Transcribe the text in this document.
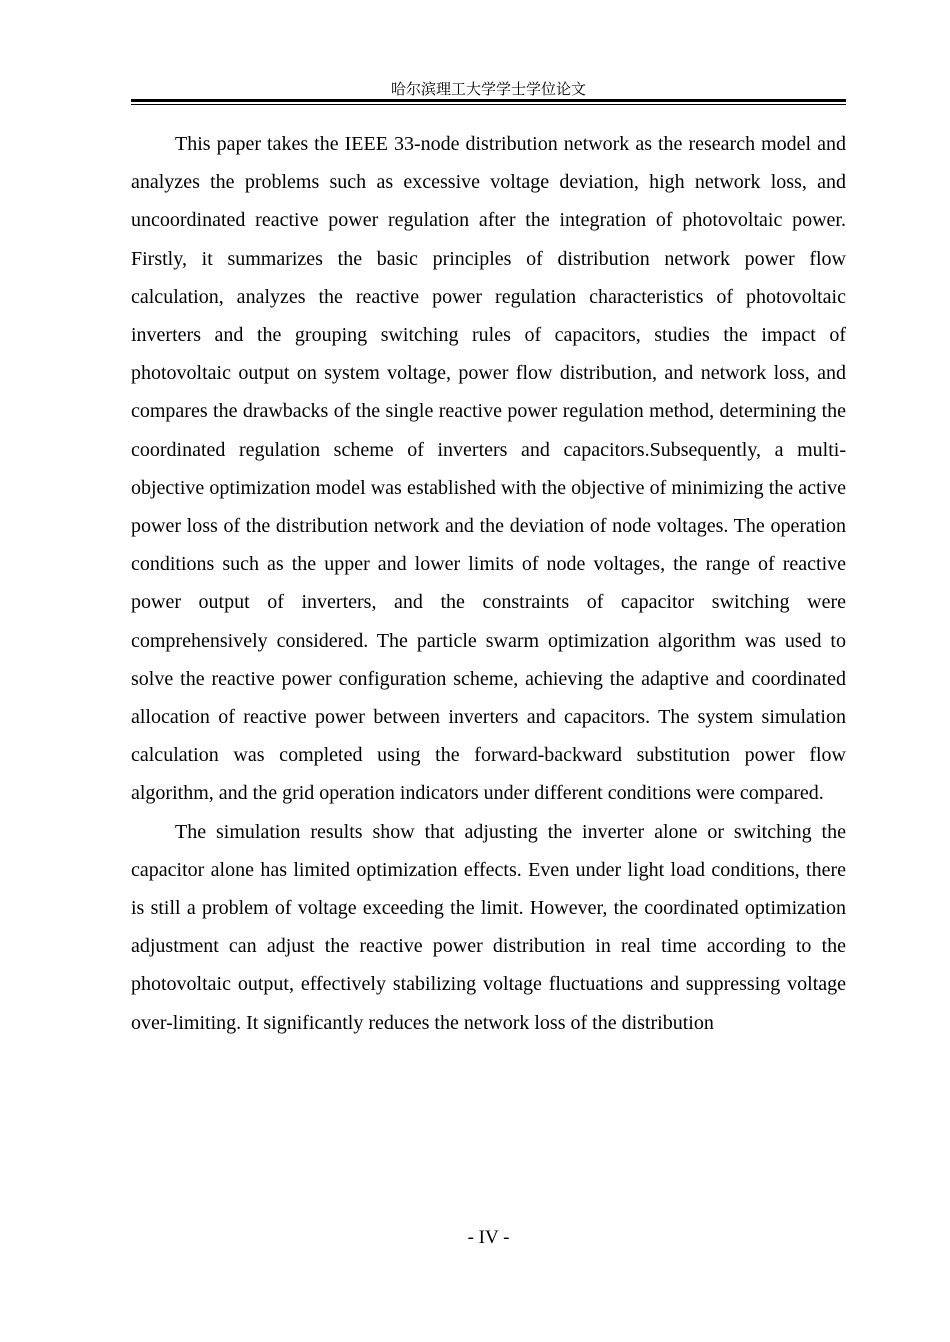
哈尔滨理工大学学士学位论文

This paper takes the IEEE 33-node distribution network as the research model and analyzes the problems such as excessive voltage deviation, high network loss, and uncoordinated reactive power regulation after the integration of photovoltaic power. Firstly, it summarizes the basic principles of distribution network power flow calculation, analyzes the reactive power regulation characteristics of photovoltaic inverters and the grouping switching rules of capacitors, studies the impact of photovoltaic output on system voltage, power flow distribution, and network loss, and compares the drawbacks of the single reactive power regulation method, determining the coordinated regulation scheme of inverters and capacitors.Subsequently, a multi-objective optimization model was established with the objective of minimizing the active power loss of the distribution network and the deviation of node voltages. The operation conditions such as the upper and lower limits of node voltages, the range of reactive power output of inverters, and the constraints of capacitor switching were comprehensively considered. The particle swarm optimization algorithm was used to solve the reactive power configuration scheme, achieving the adaptive and coordinated allocation of reactive power between inverters and capacitors. The system simulation calculation was completed using the forward-backward substitution power flow algorithm, and the grid operation indicators under different conditions were compared.

The simulation results show that adjusting the inverter alone or switching the capacitor alone has limited optimization effects. Even under light load conditions, there is still a problem of voltage exceeding the limit. However, the coordinated optimization adjustment can adjust the reactive power distribution in real time according to the photovoltaic output, effectively stabilizing voltage fluctuations and suppressing voltage over-limiting. It significantly reduces the network loss of the distribution

- IV -
